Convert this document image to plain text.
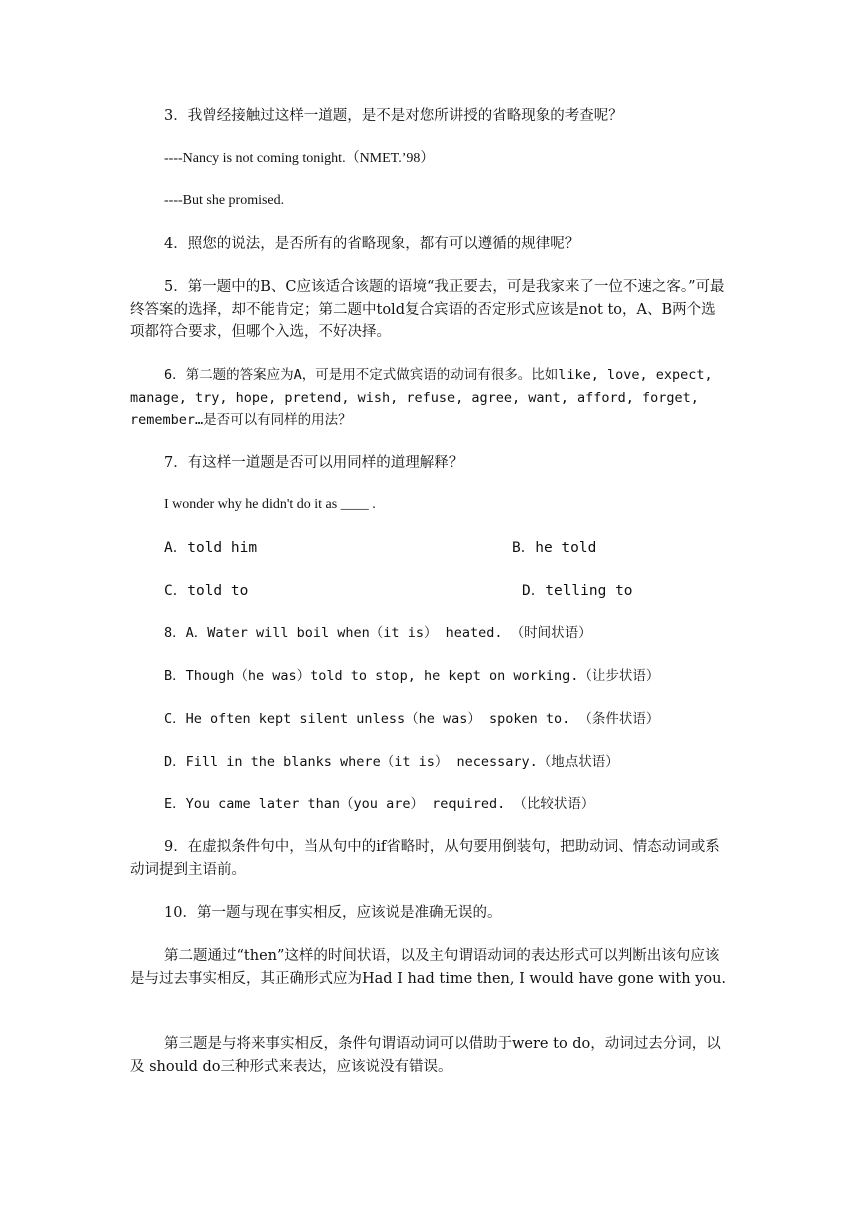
3．我曾经接触过这样一道题，是不是对您所讲授的省略现象的考查呢？

----Nancy is not coming tonight.（NMET.’98）

----But she promised.

4．照您的说法，是否所有的省略现象，都有可以遵循的规律呢？

5．第一题中的B、C应该适合该题的语境“我正要去，可是我家来了一位不速之客。”可最终答案的选择，却不能肯定；第二题中told复合宾语的否定形式应该是not to，A、B两个选项都符合要求，但哪个入选，不好决择。

6．第二题的答案应为A，可是用不定式做宾语的动词有很多。比如like, love, expect, manage, try, hope, pretend, wish, refuse, agree, want, afford, forget, remember…是否可以有同样的用法？

7．有这样一道题是否可以用同样的道理解释？

I wonder why he didn't do it as ____ .

A．told him	B．he told
C．told to	D．telling to

8．A．Water will boil when（it is） heated. （时间状语）

B．Though（he was）told to stop, he kept on working.（让步状语）

C．He often kept silent unless（he was） spoken to. （条件状语）

D．Fill in the blanks where（it is） necessary.（地点状语）

E．You came later than（you are） required. （比较状语）

9．在虚拟条件句中，当从句中的if省略时，从句要用倒装句，把助动词、情态动词或系动词提到主语前。

10．第一题与现在事实相反，应该说是准确无误的。

第二题通过“then”这样的时间状语，以及主句谓语动词的表达形式可以判断出该句应该是与过去事实相反，其正确形式应为Had I had time then, I would have gone with you.

第三题是与将来事实相反，条件句谓语动词可以借助于were to do，动词过去分词，以及 should do三种形式来表达，应该说没有错误。
